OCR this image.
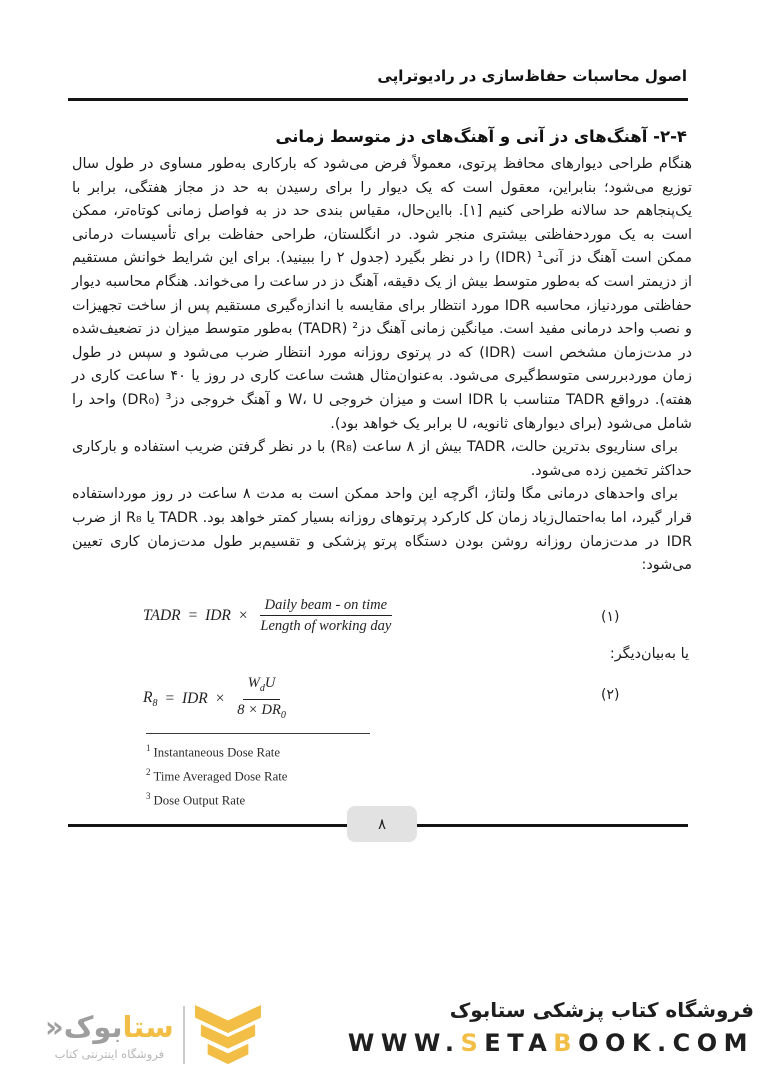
اصول محاسبات حفاظ‌سازی در رادیوتراپی
۲-۴- آهنگ‌های دز آنی و آهنگ‌های دز متوسط زمانی

هنگام طراحی دیوارهای محافظ پرتوی، معمولاً فرض می‌شود که بارکاری به‌طور مساوی در طول سال توزیع می‌شود؛ بنابراین، معقول است که یک دیوار را برای رسیدن به حد دز مجاز هفتگی، برابر با یک‌پنجاهم حد سالانه طراحی کنیم [۱]. بااین‌حال، مقیاس بندی حد دز به فواصل زمانی کوتاه‌تر، ممکن است به یک موردحفاظتی بیشتری منجر شود. در انگلستان، طراحی حفاظت برای تأسیسات درمانی ممکن است آهنگ دز آنی¹ (IDR) را در نظر بگیرد (جدول ۲ را ببینید). برای این شرایط خوانش مستقیم از دزیمتر است که به‌طور متوسط بیش از یک دقیقه، آهنگ دز در ساعت را می‌خواند. هنگام محاسبه دیوار حفاظتی موردنیاز، محاسبه IDR مورد انتظار برای مقایسه با اندازه‌گیری مستقیم پس از ساخت تجهیزات و نصب واحد درمانی مفید است. میانگین زمانی آهنگ دز² (TADR) به‌طور متوسط میزان دز تضعیف‌شده در مدت‌زمان مشخص است (IDR) که در پرتوی روزانه مورد انتظار ضرب می‌شود و سپس در طول زمان موردبررسی متوسط‌گیری می‌شود. به‌عنوان‌مثال هشت ساعت کاری در روز یا ۴۰ ساعت کاری در هفته). درواقع TADR متناسب با IDR است و میزان خروجی W، U و آهنگ خروجی دز³ (DR₀) واحد را شامل می‌شود (برای دیوارهای ثانویه، U برابر یک خواهد بود).

برای سناریوی بدترین حالت، TADR بیش از ۸ ساعت (R₈) با در نظر گرفتن ضریب استفاده و بارکاری حداکثر تخمین زده می‌شود.

برای واحدهای درمانی مگا ولتاژ، اگرچه این واحد ممکن است به مدت ۸ ساعت در روز مورداستفاده قرار گیرد، اما به‌احتمال‌زیاد زمان کل کارکرد پرتوهای روزانه بسیار کمتر خواهد بود. TADR یا R₈ از ضرب IDR در مدت‌زمان روزانه روشن بودن دستگاه پرتو پزشکی و تقسیم‌بر طول مدت‌زمان کاری تعیین می‌شود:

TADR = IDR × $\frac{\text{Daily beam - on time}}{\text{Length of working day}}$	(۱)
یا به‌بیان‌دیگر:
$R_8$ = IDR × $\frac{W_dU}{8 \times DR_0}$	(۲)
$^1$ Instantaneous Dose Rate
$^2$ Time Averaged Dose Rate
$^3$ Dose Output Rate
۸
فروشگاه کتاب پزشکی ستابوک
WWW.SETABOOK.COM
ستابوک«
فروشگاه اینترنتی کتاب
